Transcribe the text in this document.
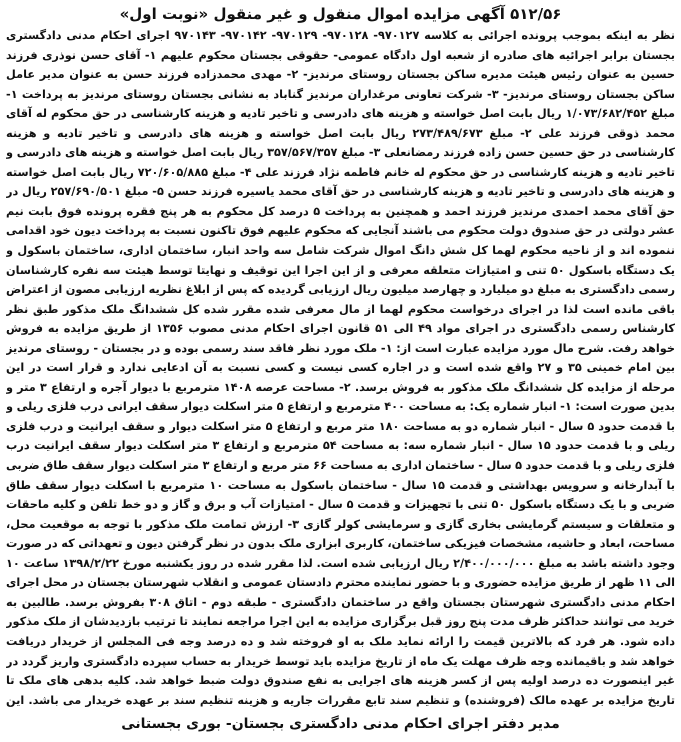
۵۱۲/۵۶ آگهی مزایده اموال منقول و غیر منقول «نوبت اول»

نظر به اینکه بموجب پرونده اجرائی به کلاسه ۹۷۰۱۲۷- ۹۷۰۱۲۸- ۹۷۰۱۲۹- ۹۷۰۱۴۲- ۹۷۰۱۴۳ اجرای احکام مدنی دادگستری بجستان برابر اجرائیه های صادره از شعبه اول دادگاه عمومی- حقوقی بجستان محکوم علیهم ۱- آقای حسن نوذری فرزند حسین به عنوان رئیس هیئت مدیره ساکن بجستان روستای مرندیز- ۲- مهدی محمدزاده فرزند حسن به عنوان مدیر عامل ساکن بجستان روستای مرندیز- ۳- شرکت تعاونی مرغداران مرندیز گناباد به نشانی بجستان روستای مرندیز به پرداخت ۱- مبلغ ۱/۰۷۳/۶۸۲/۴۵۲ ریال بابت اصل خواسته و هزینه های دادرسی و تاخیر تادیه و هزینه کارشناسی در حق محکوم له آقای محمد ذوقی فرزند علی ۲- مبلغ ۲۷۳/۴۸۹/۶۷۳ ریال بابت اصل خواسته و هزینه های دادرسی و تاخیر تادیه و هزینه کارشناسی در حق حسین حسن زاده فرزند رمضانعلی ۳- مبلغ ۳۵۷/۵۶۷/۳۵۷ ریال بابت اصل خواسته و هزینه های دادرسی و تاخیر تادیه و هزینه کارشناسی در حق محکوم له خانم فاطمه نژاد فرزند علی ۴- مبلغ ۷۲۰/۶۰۵/۸۸۵ ریال بابت اصل خواسته و هزینه های دادرسی و تاخیر تادیه و هزینه کارشناسی در حق آقای محمد یاسیره فرزند حسن ۵- مبلغ ۲۵۷/۶۹۰/۵۰۱ ریال در حق آقای محمد احمدی مرندیز فرزند احمد و همچنین به پرداخت ۵ درصد کل محکوم به هر پنج فقره پرونده فوق بابت نیم عشر دولتی در حق صندوق دولت محکوم می باشند آنجایی که محکوم علیهم فوق تاکنون نسبت به پرداخت دیون خود اقدامی ننموده اند و از ناحیه محکوم لهما کل شش دانگ اموال شرکت شامل سه واحد انبار، ساختمان اداری، ساختمان باسکول و یک دستگاه باسکول ۵۰ تنی و امتیازات متعلقه معرفی و از این اجرا این توقیف و نهایتا توسط هیئت سه نفره کارشناسان رسمی دادگستری به مبلغ دو میلیارد و چهارصد میلیون ریال ارزیابی گردیده که پس از ابلاغ نظریه ارزیابی مصون از اعتراض باقی مانده است لذا در اجرای درخواست محکوم لهما از مال معرفی شده مقرر شده کل ششدانگ ملک مذکور طبق نظر کارشناس رسمی دادگستری در اجرای مواد ۴۹ الی ۵۱ قانون اجرای احکام مدنی مصوب ۱۳۵۶ از طریق مزایده به فروش خواهد رفت. شرح مال مورد مزایده عبارت است از: ۱- ملک مورد نظر فاقد سند رسمی بوده و در بجستان - روستای مرندیز بین امام خمینی ۳۵ و ۲۷ واقع شده است و در اجاره کسی نیست و کسی نسبت به آن ادعایی ندارد و قرار است در این مرحله از مزایده کل ششدانگ ملک مذکور به فروش برسد. ۲- مساحت عرصه ۱۴۰۸ مترمربع با دیوار آجره و ارتفاع ۳ متر و بدین صورت است: ۱- انبار شماره یک: به مساحت ۴۰۰ مترمربع و ارتفاع ۵ متر اسکلت دیوار سقف ایرانی درب فلزی ریلی و با قدمت حدود ۵ سال - انبار شماره دو به مساحت ۱۸۰ متر مربع و ارتفاع ۵ متر اسکلت دیوار و سقف ایرانیت و درب فلزی ریلی و با قدمت حدود ۱۵ سال - انبار شماره سه: به مساحت ۵۴ مترمربع و ارتفاع ۳ متر اسکلت دیوار سقف ایرانیت درب فلزی ریلی و با قدمت حدود ۵ سال - ساختمان اداری به مساحت ۶۶ متر مربع و ارتفاع ۳ متر اسکلت دیوار سقف طاق ضربی با آبدارخانه و سرویس بهداشتی و قدمت ۱۵ سال - ساختمان باسکول به مساحت ۱۰ مترمربع با اسکلت دیوار سقف طاق ضربی و با یک دستگاه باسکول ۵۰ تنی با تجهیزات و قدمت ۵ سال - امتیازات آب و برق و گاز و دو خط تلفن و کلیه ماحقات و متعلقات و سیستم گرمایشی بخاری گازی و سرمایشی کولر گازی ۳- ارزش تمامت ملک مذکور با توجه به موقعیت محل، مساحت، ابعاد و حاشیه، مشخصات فیزیکی ساختمان، کاربری ابزاری ملک بدون در نظر گرفتن دیون و تعهداتی که در صورت وجود داشته باشد به مبلغ ۲/۴۰۰/۰۰۰/۰۰۰ ریال ارزیابی شده است. لذا مقرر شده در روز یکشنبه مورخ ۱۳۹۸/۲/۲۲ ساعت ۱۰ الی ۱۱ ظهر از طریق مزایده حضوری و با حضور نماینده محترم دادستان عمومی و انقلاب شهرستان بجستان در محل اجرای احکام مدنی دادگستری شهرستان بجستان واقع در ساختمان دادگستری - طبقه دوم - اتاق ۳۰۸ بفروش برسد. طالبین به خرید می توانند حداکثر ظرف مدت پنج روز قبل برگزاری مزایده به این اجرا مراجعه نمایند تا ترتیب بازدیدشان از ملک مذکور داده شود. هر فرد که بالاترین قیمت را ارائه نماید ملک به او فروخته شد و ده درصد وجه فی المجلس از خریدار دریافت خواهد شد و باقیمانده وجه ظرف مهلت یک ماه از تاریخ مزایده باید توسط خریدار به حساب سپرده دادگستری واریز گردد در غیر اینصورت ده درصد اولیه پس از کسر هزینه های اجرایی به نفع صندوق دولت ضبط خواهد شد. کلیه بدهی های ملک تا تاریخ مزایده بر عهده مالک (فروشنده) و تنظیم سند تابع مقررات جاریه و هزینه تنظیم سند بر عهده خریدار می باشد. این

مدیر دفتر اجرای احکام مدنی دادگستری بجستان- بوری بجستانی
